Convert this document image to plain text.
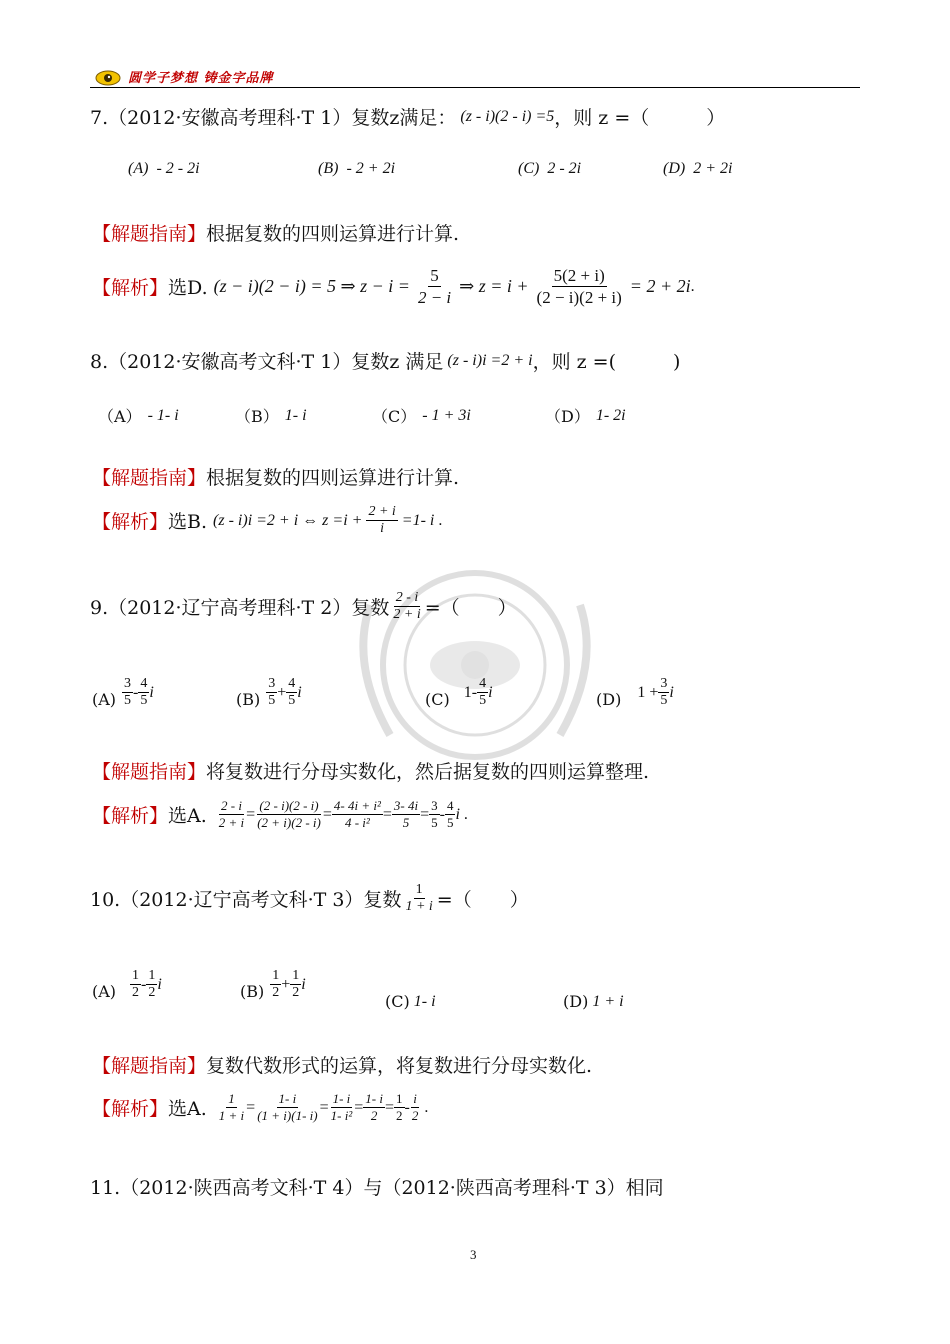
圆学子梦想 铸金字品牌
7.（2012·安徽高考理科·T 1）复数z满足： (z - i)(2 - i) =5 ，则 z =（　　　）
(A) - 2 - 2i	(B) - 2 + 2i	(C) 2 - 2i	(D) 2 + 2i
【解题指南】 根据复数的四则运算进行计算.
【解析】 选D. (z − i)(2 − i) = 5 ⇒ $z - i = \frac{5}{2 - i}$ ⇒ $z = i + \frac{5(2 + i)}{(2 - i)(2 + i)} = 2 + 2i$ .
8.（2012·安徽高考文科·T 1）复数z 满足 (z - i)i =2 + i ，则 z =(　　　)
（A） - 1- i	（B） 1- i	（C） - 1 + 3i	（D） 1- 2i
【解题指南】 根据复数的四则运算进行计算.
【解析】 选B. (z - i)i =2 + i ⇔ $z =i + \frac{2 + i}{i} =1-$ i .
9.（2012·辽宁高考理科·T 2）复数 $\frac{2 - i}{2 + i}$ =（　　）
$(A) \frac{3}{5} - \frac{4}{5}$ i	$(B) \frac{3}{5} + \frac{4}{5}$ i	(C) $1- \frac{4}{5}$ i	(D) $1 + \frac{3}{5}$ i
【解题指南】 将复数进行分母实数化，然后据复数的四则运算整理.
【解析】 选A. $\frac{2 - i}{2 + i} = \frac{(2 - i)(2 - i)}{(2 + i)(2 - i)} = \frac{\text{4- 4i + i²}}{\text{4 - i²}} = \frac{3- 4i}{5} = \frac{3}{5} - \frac{4}{5}$ i .
10.（2012·辽宁高考文科·T 3）复数 $\frac{1}{1 + i}$ =（　　）
$(A) \frac{1}{2} - \frac{1}{2}$ i	$(B) \frac{1}{2} + \frac{1}{2}$ i
(C) 1- i	(D) 1 + i
【解题指南】 复数代数形式的运算，将复数进行分母实数化.
【解析】 选A. $\frac{1}{1 + i} = \frac{1- i}{(1 + i)(1- i)} = \frac{1- i}{\text{1- i²}} = \frac{1- i}{2} = \frac{1}{2} - \frac{i}{2}$ .
11.（2012·陕西高考文科·T 4）与（2012·陕西高考理科·T 3）相同
3
